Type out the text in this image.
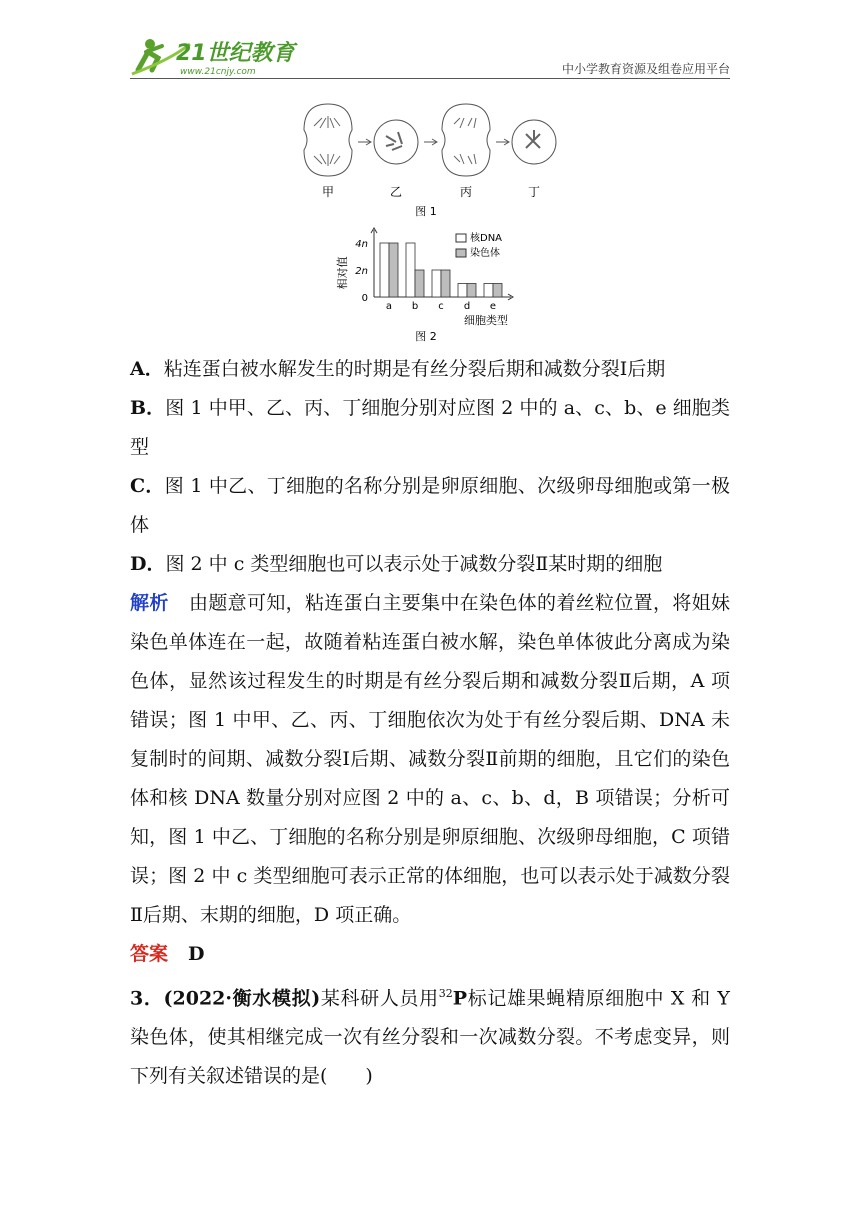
21世纪教育
www.21cnjy.com	中小学教育资源及组卷应用平台
甲	乙	丙	丁
图 1
相对值
0
2n
4n
核DNA
染色体
a b c d e
细胞类型
图 2

A．粘连蛋白被水解发生的时期是有丝分裂后期和减数分裂Ⅰ后期

B．图 1 中甲、乙、丙、丁细胞分别对应图 2 中的 a、c、b、e 细胞类型

C．图 1 中乙、丁细胞的名称分别是卵原细胞、次级卵母细胞或第一极体

D．图 2 中 c 类型细胞也可以表示处于减数分裂Ⅱ某时期的细胞

解析 由题意可知，粘连蛋白主要集中在染色体的着丝粒位置，将姐妹染色单体连在一起，故随着粘连蛋白被水解，染色单体彼此分离成为染色体，显然该过程发生的时期是有丝分裂后期和减数分裂Ⅱ后期，A 项错误；图 1 中甲、乙、丙、丁细胞依次为处于有丝分裂后期、DNA 未复制时的间期、减数分裂Ⅰ后期、减数分裂Ⅱ前期的细胞，且它们的染色体和核 DNA 数量分别对应图 2 中的 a、c、b、d，B 项错误；分析可知，图 1 中乙、丁细胞的名称分别是卵原细胞、次级卵母细胞，C 项错误；图 2 中 c 类型细胞可表示正常的体细胞，也可以表示处于减数分裂Ⅱ后期、末期的细胞，D 项正确。

答案 D

3．(2022·衡水模拟)某科研人员用$^{32}$P标记雄果蝇精原细胞中 X 和 Y 染色体，使其相继完成一次有丝分裂和一次减数分裂。不考虑变异，则下列有关叙述错误的是(　　)
